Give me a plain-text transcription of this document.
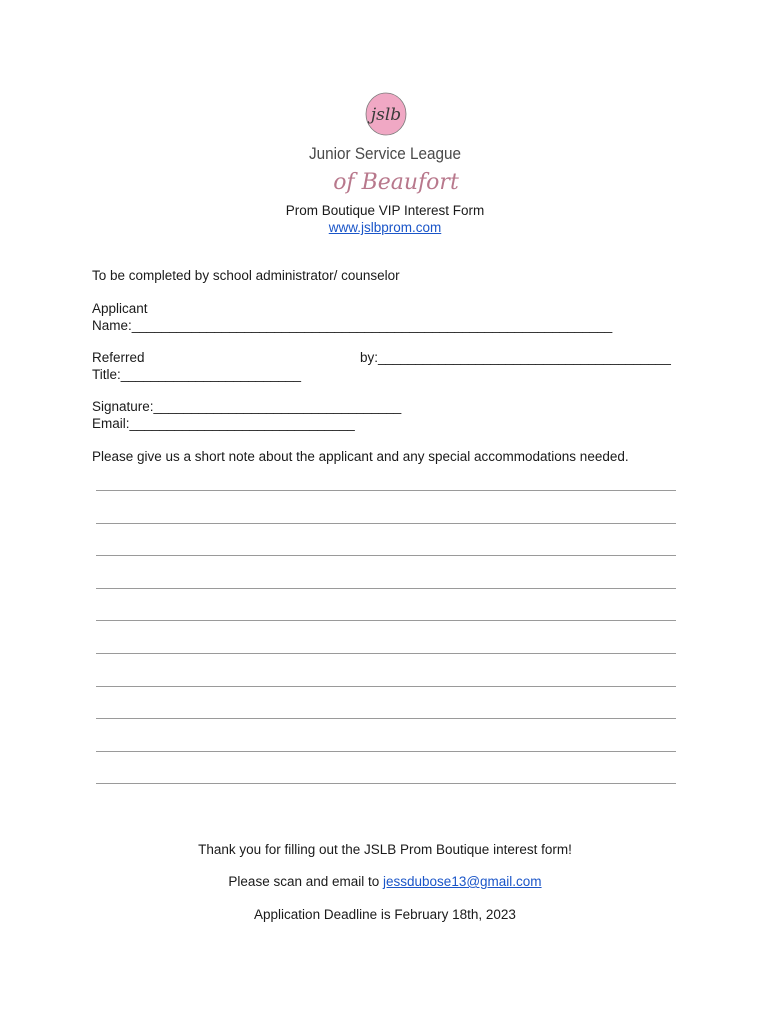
jslb
Junior Service League
of Beaufort
Prom Boutique VIP Interest Form
www.jslbprom.com
To be completed by school administrator/ counselor
Applicant
Name:________________________________________________________________
Referred	by:_______________________________________
Title:________________________
Signature:_________________________________
Email:______________________________
Please give us a short note about the applicant and any special accommodations needed.
Thank you for filling out the JSLB Prom Boutique interest form!
Please scan and email to jessdubose13@gmail.com
Application Deadline is February 18th, 2023
